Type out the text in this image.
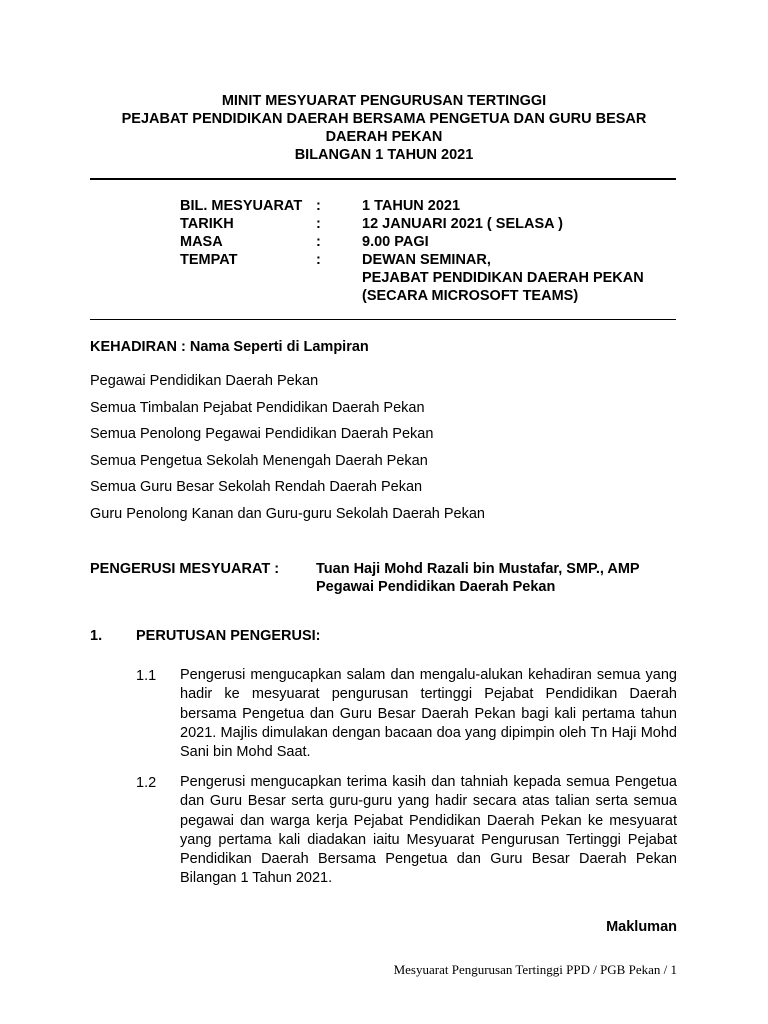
MINIT MESYUARAT PENGURUSAN TERTINGGI
PEJABAT PENDIDIKAN DAERAH BERSAMA PENGETUA DAN GURU BESAR
DAERAH PEKAN
BILANGAN 1 TAHUN 2021
BIL. MESYUARAT :	1 TAHUN 2021
TARIKH	:	12 JANUARI 2021 ( SELASA )
MASA	:	9.00 PAGI
TEMPAT	:	DEWAN SEMINAR,
PEJABAT PENDIDIKAN DAERAH PEKAN
(SECARA MICROSOFT TEAMS)
KEHADIRAN : Nama Seperti di Lampiran
Pegawai Pendidikan Daerah Pekan
Semua Timbalan Pejabat Pendidikan Daerah Pekan
Semua Penolong Pegawai Pendidikan Daerah Pekan
Semua Pengetua Sekolah Menengah Daerah Pekan
Semua Guru Besar Sekolah Rendah Daerah Pekan
Guru Penolong Kanan dan Guru-guru Sekolah Daerah Pekan
PENGERUSI MESYUARAT :	Tuan Haji Mohd Razali bin Mustafar, SMP., AMP
Pegawai Pendidikan Daerah Pekan
1. PERUTUSAN PENGERUSI:
1.1 Pengerusi mengucapkan salam dan mengalu-alukan kehadiran semua yang hadir ke mesyuarat pengurusan tertinggi Pejabat Pendidikan Daerah bersama Pengetua dan Guru Besar Daerah Pekan bagi kali pertama tahun 2021. Majlis dimulakan dengan bacaan doa yang dipimpin oleh Tn Haji Mohd Sani bin Mohd Saat.
1.2 Pengerusi mengucapkan terima kasih dan tahniah kepada semua Pengetua dan Guru Besar serta guru-guru yang hadir secara atas talian serta semua pegawai dan warga kerja Pejabat Pendidikan Daerah Pekan ke mesyuarat yang pertama kali diadakan iaitu Mesyuarat Pengurusan Tertinggi Pejabat Pendidikan Daerah Bersama Pengetua dan Guru Besar Daerah Pekan Bilangan 1 Tahun 2021.
Makluman
Mesyuarat Pengurusan Tertinggi PPD / PGB Pekan / 1
